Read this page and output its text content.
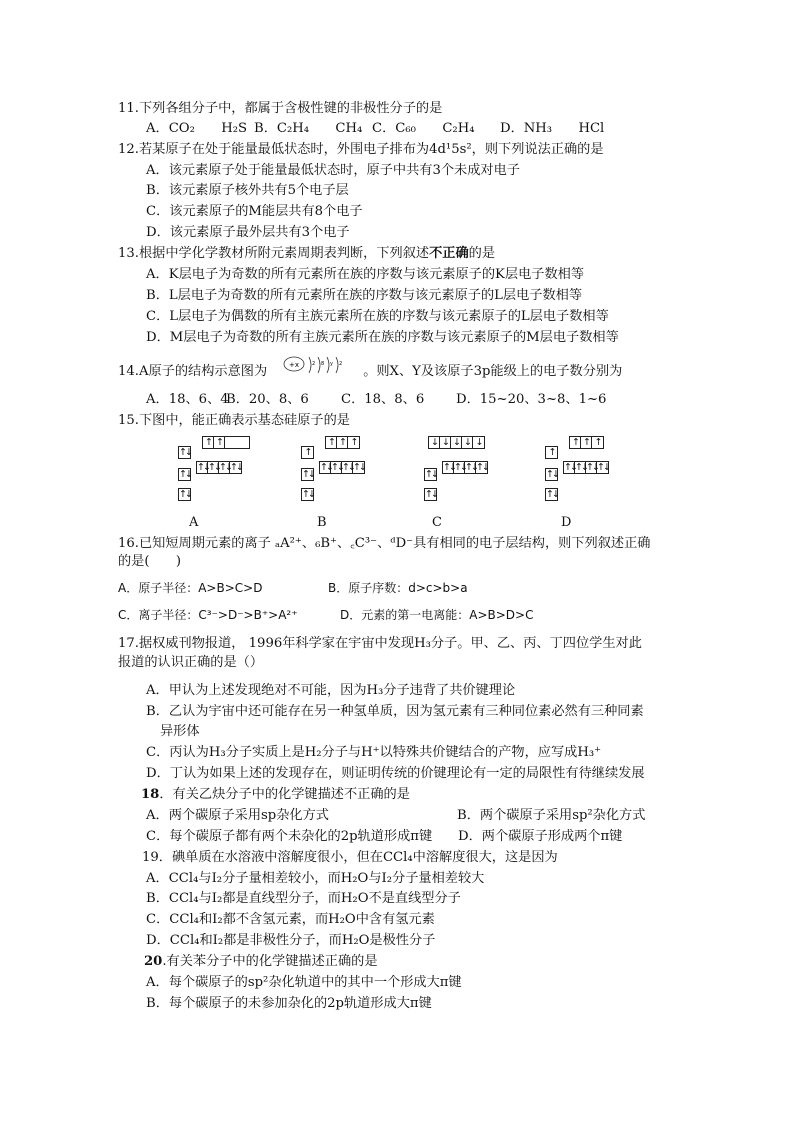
11.下列各组分子中，都属于含极性键的非极性分子的是
A．CO₂　　H₂S B．C₂H₄　　CH₄ C．C₆₀　　C₂H₄ D．NH₃　　HCl
12.若某原子在处于能量最低状态时，外围电子排布为4d¹5s²，则下列说法正确的是
A．该元素原子处于能量最低状态时，原子中共有3个未成对电子
B．该元素原子核外共有5个电子层
C．该元素原子的M能层共有8个电子
D．该元素原子最外层共有3个电子
13.根据中学化学教材所附元素周期表判断，下列叙述不正确的是
A．K层电子为奇数的所有元素所在族的序数与该元素原子的K层电子数相等
B．L层电子为奇数的所有元素所在族的序数与该元素原子的L层电子数相等
C．L层电子为偶数的所有主族元素所在族的序数与该元素原子的L层电子数相等
D．M层电子为奇数的所有主族元素所在族的序数与该元素原子的M层电子数相等
14.A原子的结构示意图为	。则X、Y及该原子3p能级上的电子数分别为
+x	2 8 y 2
A．18、6、4B．20、8、6 C．18、8、6 D．15~20、3~8、1~6
15.下图中，能正确表示基态硅原子的是
↑ ↑
↑↓
↑↓ ↑↓ ↑↓ ↑↓
↑↓
↑↓
↑ ↑ ↑
↑
↑↓ ↑↓ ↑↓ ↑↓
↑↓
↑↓
↓ ↓ ↓ ↓ ↓
↑↓ ↑↓ ↑↓ ↑↓
↑↓
↑↓
↑ ↑ ↑
↑
↑↓ ↑↓ ↑↓ ↑↓
↑↓
↑↓
A	B	C	D
16.已知短周期元素的离子 ₐA²⁺、₆B⁺、꜀C³⁻、ᵈD⁻具有相同的电子层结构，则下列叙述正确
的是(　　)
A．原子半径：A>B>C>D	B．原子序数：d>c>b>a
C．离子半径：C³⁻>D⁻>B⁺>A²⁺	D．元素的第一电离能：A>B>D>C
17.据权威刊物报道， 1996年科学家在宇宙中发现H₃分子。甲、乙、丙、丁四位学生对此
报道的认识正确的是（）
A．甲认为上述发现绝对不可能，因为H₃分子违背了共价键理论
B．乙认为宇宙中还可能存在另一种氢单质，因为氢元素有三种同位素必然有三种同素
异形体
C．丙认为H₃分子实质上是H₂分子与H⁺以特殊共价键结合的产物，应写成H₃⁺
D．丁认为如果上述的发现存在，则证明传统的价键理论有一定的局限性有待继续发展
18．有关乙炔分子中的化学键描述不正确的是
A．两个碳原子采用sp杂化方式	B．两个碳原子采用sp²杂化方式
C．每个碳原子都有两个未杂化的2p轨道形成π键 D．两个碳原子形成两个π键
19．碘单质在水溶液中溶解度很小，但在CCl₄中溶解度很大，这是因为
A．CCl₄与I₂分子量相差较小，而H₂O与I₂分子量相差较大
B．CCl₄与I₂都是直线型分子，而H₂O不是直线型分子
C．CCl₄和I₂都不含氢元素，而H₂O中含有氢元素
D．CCl₄和I₂都是非极性分子，而H₂O是极性分子
20.有关苯分子中的化学键描述正确的是
A．每个碳原子的sp²杂化轨道中的其中一个形成大π键
B．每个碳原子的未参加杂化的2p轨道形成大π键
